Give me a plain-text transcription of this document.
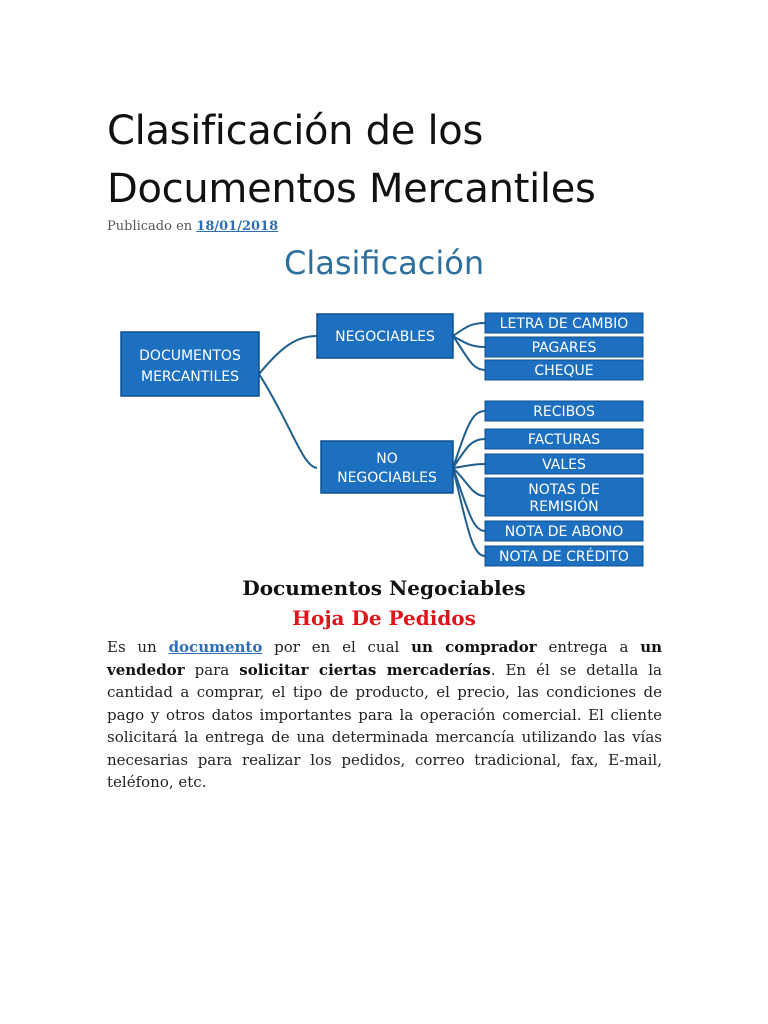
Clasificación de los
Documentos Mercantiles
Publicado en 18/01/2018
Clasificación
DOCUMENTOS
MERCANTILES
NEGOCIABLES
NO
NEGOCIABLES
LETRA DE CAMBIO
PAGARES
CHEQUE
RECIBOS
FACTURAS
VALES
NOTAS DE
REMISIÓN
NOTA DE ABONO
NOTA DE CRÉDITO
Documentos Negociables
Hoja De Pedidos

Es un documento por en el cual un comprador entrega a un vendedor para solicitar ciertas mercaderías. En él se detalla la cantidad a comprar, el tipo de producto, el precio, las condiciones de pago y otros datos importantes para la operación comercial. El cliente solicitará la entrega de una determinada mercancía utilizando las vías necesarias para realizar los pedidos, correo tradicional, fax, E-mail, teléfono, etc.
